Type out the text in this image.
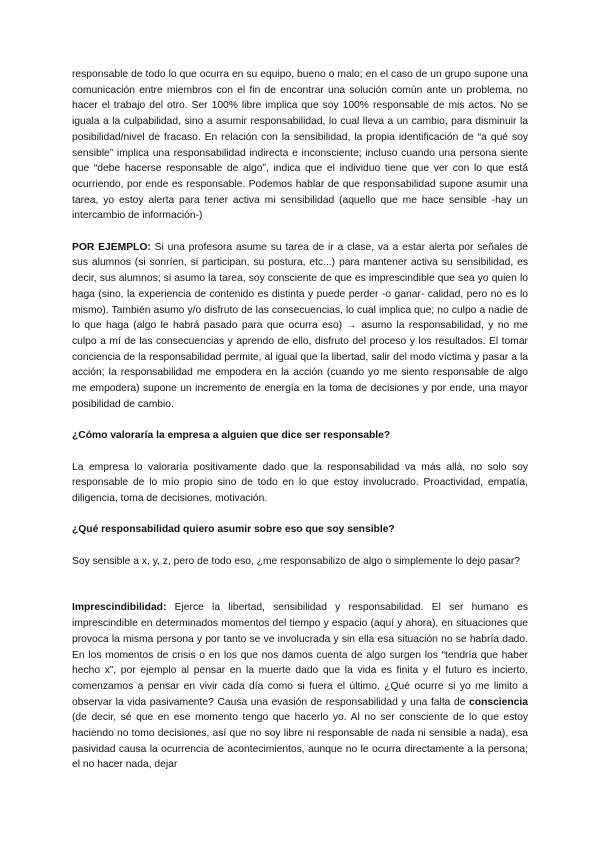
responsable de todo lo que ocurra en su equipo, bueno o malo; en el caso de un grupo supone una comunicación entre miembros con el fin de encontrar una solución común ante un problema, no hacer el trabajo del otro. Ser 100% libre implica que soy 100% responsable de mis actos. No se iguala a la culpabilidad, sino a asumir responsabilidad, lo cual lleva a un cambio, para disminuir la posibilidad/nivel de fracaso. En relación con la sensibilidad, la propia identificación de “a qué soy sensible” implica una responsabilidad indirecta e inconsciente; incluso cuando una persona siente que “debe hacerse responsable de algo”, indica que el individuo tiene que ver con lo que está ocurriendo, por ende es responsable. Podemos hablar de que responsabilidad supone asumir una tarea, yo estoy alerta para tener activa mi sensibilidad (aquello que me hace sensible -hay un intercambio de información-)

POR EJEMPLO: Si una profesora asume su tarea de ir a clase, va a estar alerta por señales de sus alumnos (si sonríen, si participan, su postura, etc...) para mantener activa su sensibilidad, es decir, sus alumnos; si asumo la tarea, soy consciente de que es imprescindible que sea yo quien lo haga (sino, la experiencia de contenido es distinta y puede perder -o ganar- calidad, pero no es lo mismo). También asumo y/o disfruto de las consecuencias, lo cual implica que; no culpo a nadie de lo que haga (algo le habrá pasado para que ocurra eso) → asumo la responsabilidad, y no me culpo a mí de las consecuencias y aprendo de ello, disfruto del proceso y los resultados. El tomar conciencia de la responsabilidad permite, al igual que la libertad, salir del modo víctima y pasar a la acción; la responsabilidad me empodera en la acción (cuando yo me siento responsable de algo me empodera) supone un incremento de energía en la toma de decisiones y por ende, una mayor posibilidad de cambio.

¿Cómo valoraría la empresa a alguien que dice ser responsable?

La empresa lo valoraría positivamente dado que la responsabilidad va más allá, no solo soy responsable de lo mío propio sino de todo en lo que estoy involucrado. Proactividad, empatía, diligencia, toma de decisiones, motivación.

¿Qué responsabilidad quiero asumir sobre eso que soy sensible?

Soy sensible a x, y, z, pero de todo eso, ¿me responsabilizo de algo o simplemente lo dejo pasar?

Imprescindibilidad: Ejerce la libertad, sensibilidad y responsabilidad. El ser humano es imprescindible en determinados momentos del tiempo y espacio (aquí y ahora), en situaciones que provoca la misma persona y por tanto se ve involucrada y sin ella esa situación no se habría dado. En los momentos de crisis o en los que nos damos cuenta de algo surgen los “tendría que haber hecho x”, por ejemplo al pensar en la muerte dado que la vida es finita y el futuro es incierto, comenzamos a pensar en vivir cada día como si fuera el último. ¿Qué ocurre si yo me limito a observar la vida pasivamente? Causa una evasión de responsabilidad y una falta de consciencia (de decir, sé que en ese momento tengo que hacerlo yo. Al no ser consciente de lo que estoy haciendo no tomo decisiones, así que no soy libre ni responsable de nada ni sensible a nada), esa pasividad causa la ocurrencia de acontecimientos, aunque no le ocurra directamente a la persona; el no hacer nada, dejar
